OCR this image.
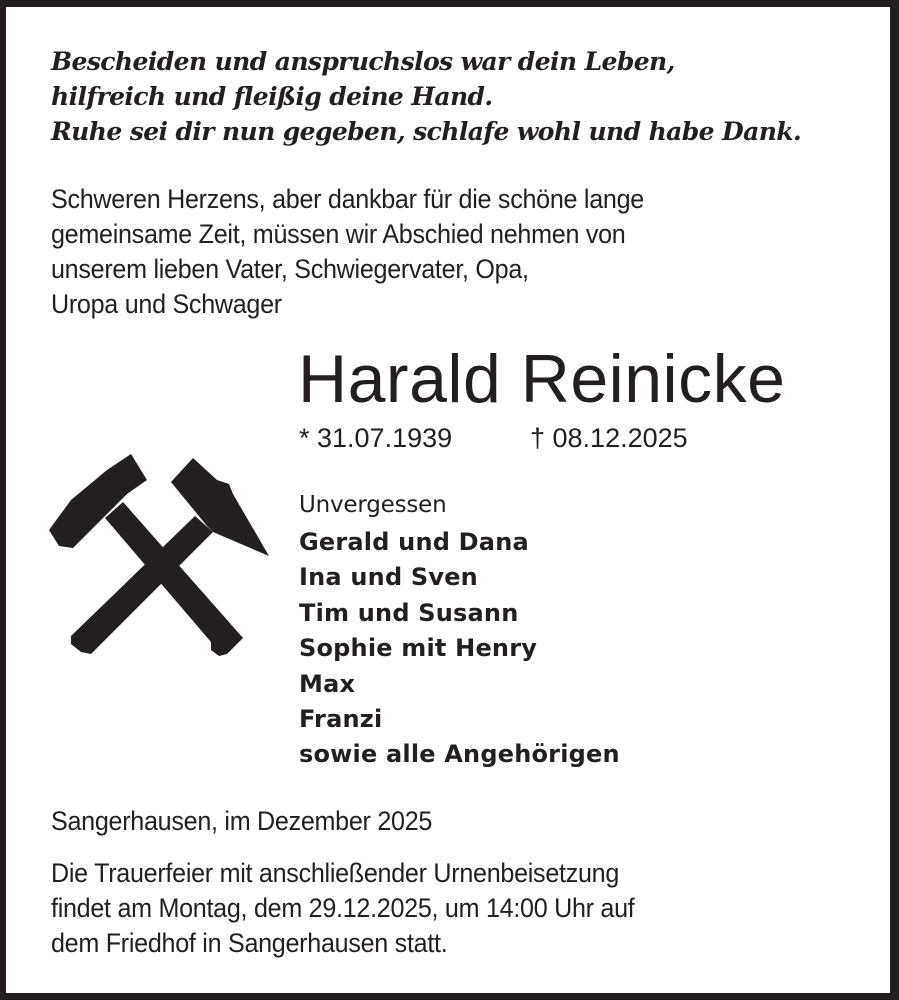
Bescheiden und anspruchslos war dein Leben,

hilfreich und fleißig deine Hand.

Ruhe sei dir nun gegeben, schlafe wohl und habe Dank.

Schweren Herzens, aber dankbar für die schöne lange

gemeinsame Zeit, müssen wir Abschied nehmen von

unserem lieben Vater, Schwiegervater, Opa,

Uropa und Schwager

Harald Reinicke
* 31.07.1939	† 08.12.2025
Unvergessen
Gerald und Dana
Ina und Sven
Tim und Susann
Sophie mit Henry
Max
Franzi
sowie alle Angehörigen

Sangerhausen, im Dezember 2025

Die Trauerfeier mit anschließender Urnenbeisetzung

findet am Montag, dem 29.12.2025, um 14:00 Uhr auf

dem Friedhof in Sangerhausen statt.
